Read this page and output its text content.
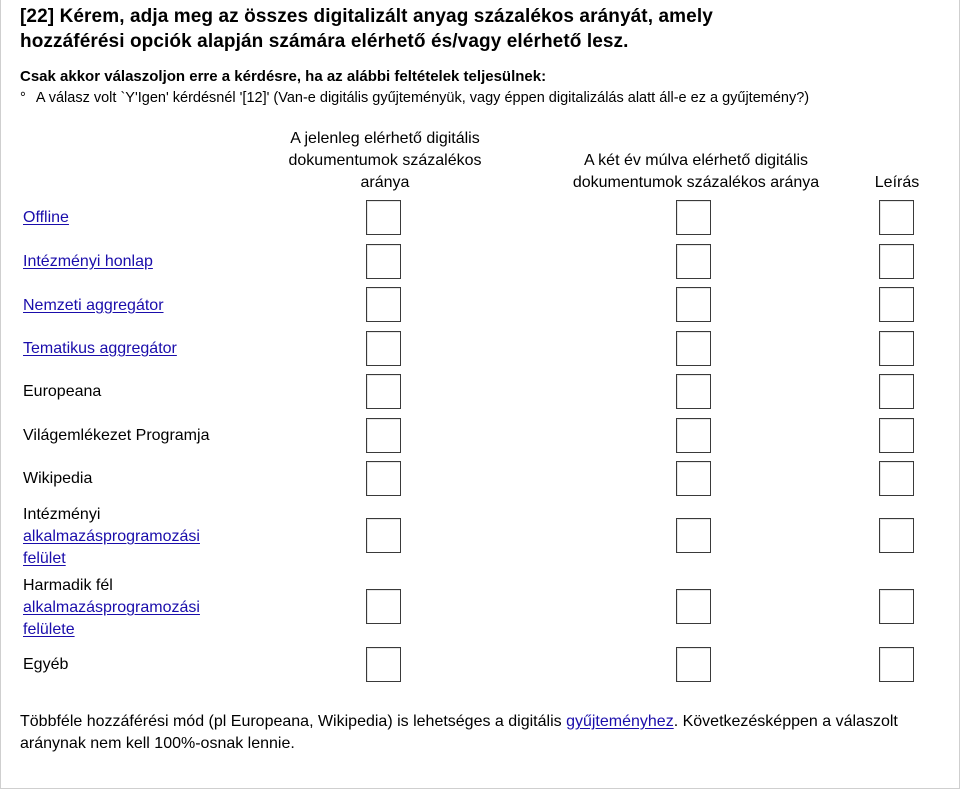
[22] Kérem, adja meg az összes digitalizált anyag százalékos arányát, amely
hozzáférési opciók alapján számára elérhető és/vagy elérhető lesz.
Csak akkor válaszoljon erre a kérdésre, ha az alábbi feltételek teljesülnek:
° A válasz volt `Y'Igen' kérdésnél '[12]' (Van-e digitális gyűjteményük, vagy éppen digitalizálás alatt áll-e ez a gyűjtemény?)
A jelenleg elérhető digitális
dokumentumok százalékos
aránya
A két év múlva elérhető digitális
dokumentumok százalékos aránya	Leírás
Offline
Intézményi honlap
Nemzeti aggregátor
Tematikus aggregátor
Europeana
Világemlékezet Programja
Wikipedia
Intézményi
alkalmazásprogramozási
felület
Harmadik fél
alkalmazásprogramozási
felülete
Egyéb
Többféle hozzáférési mód (pl Europeana, Wikipedia) is lehetséges a digitális gyűjteményhez. Következésképpen a válaszolt
aránynak nem kell 100%-osnak lennie.
